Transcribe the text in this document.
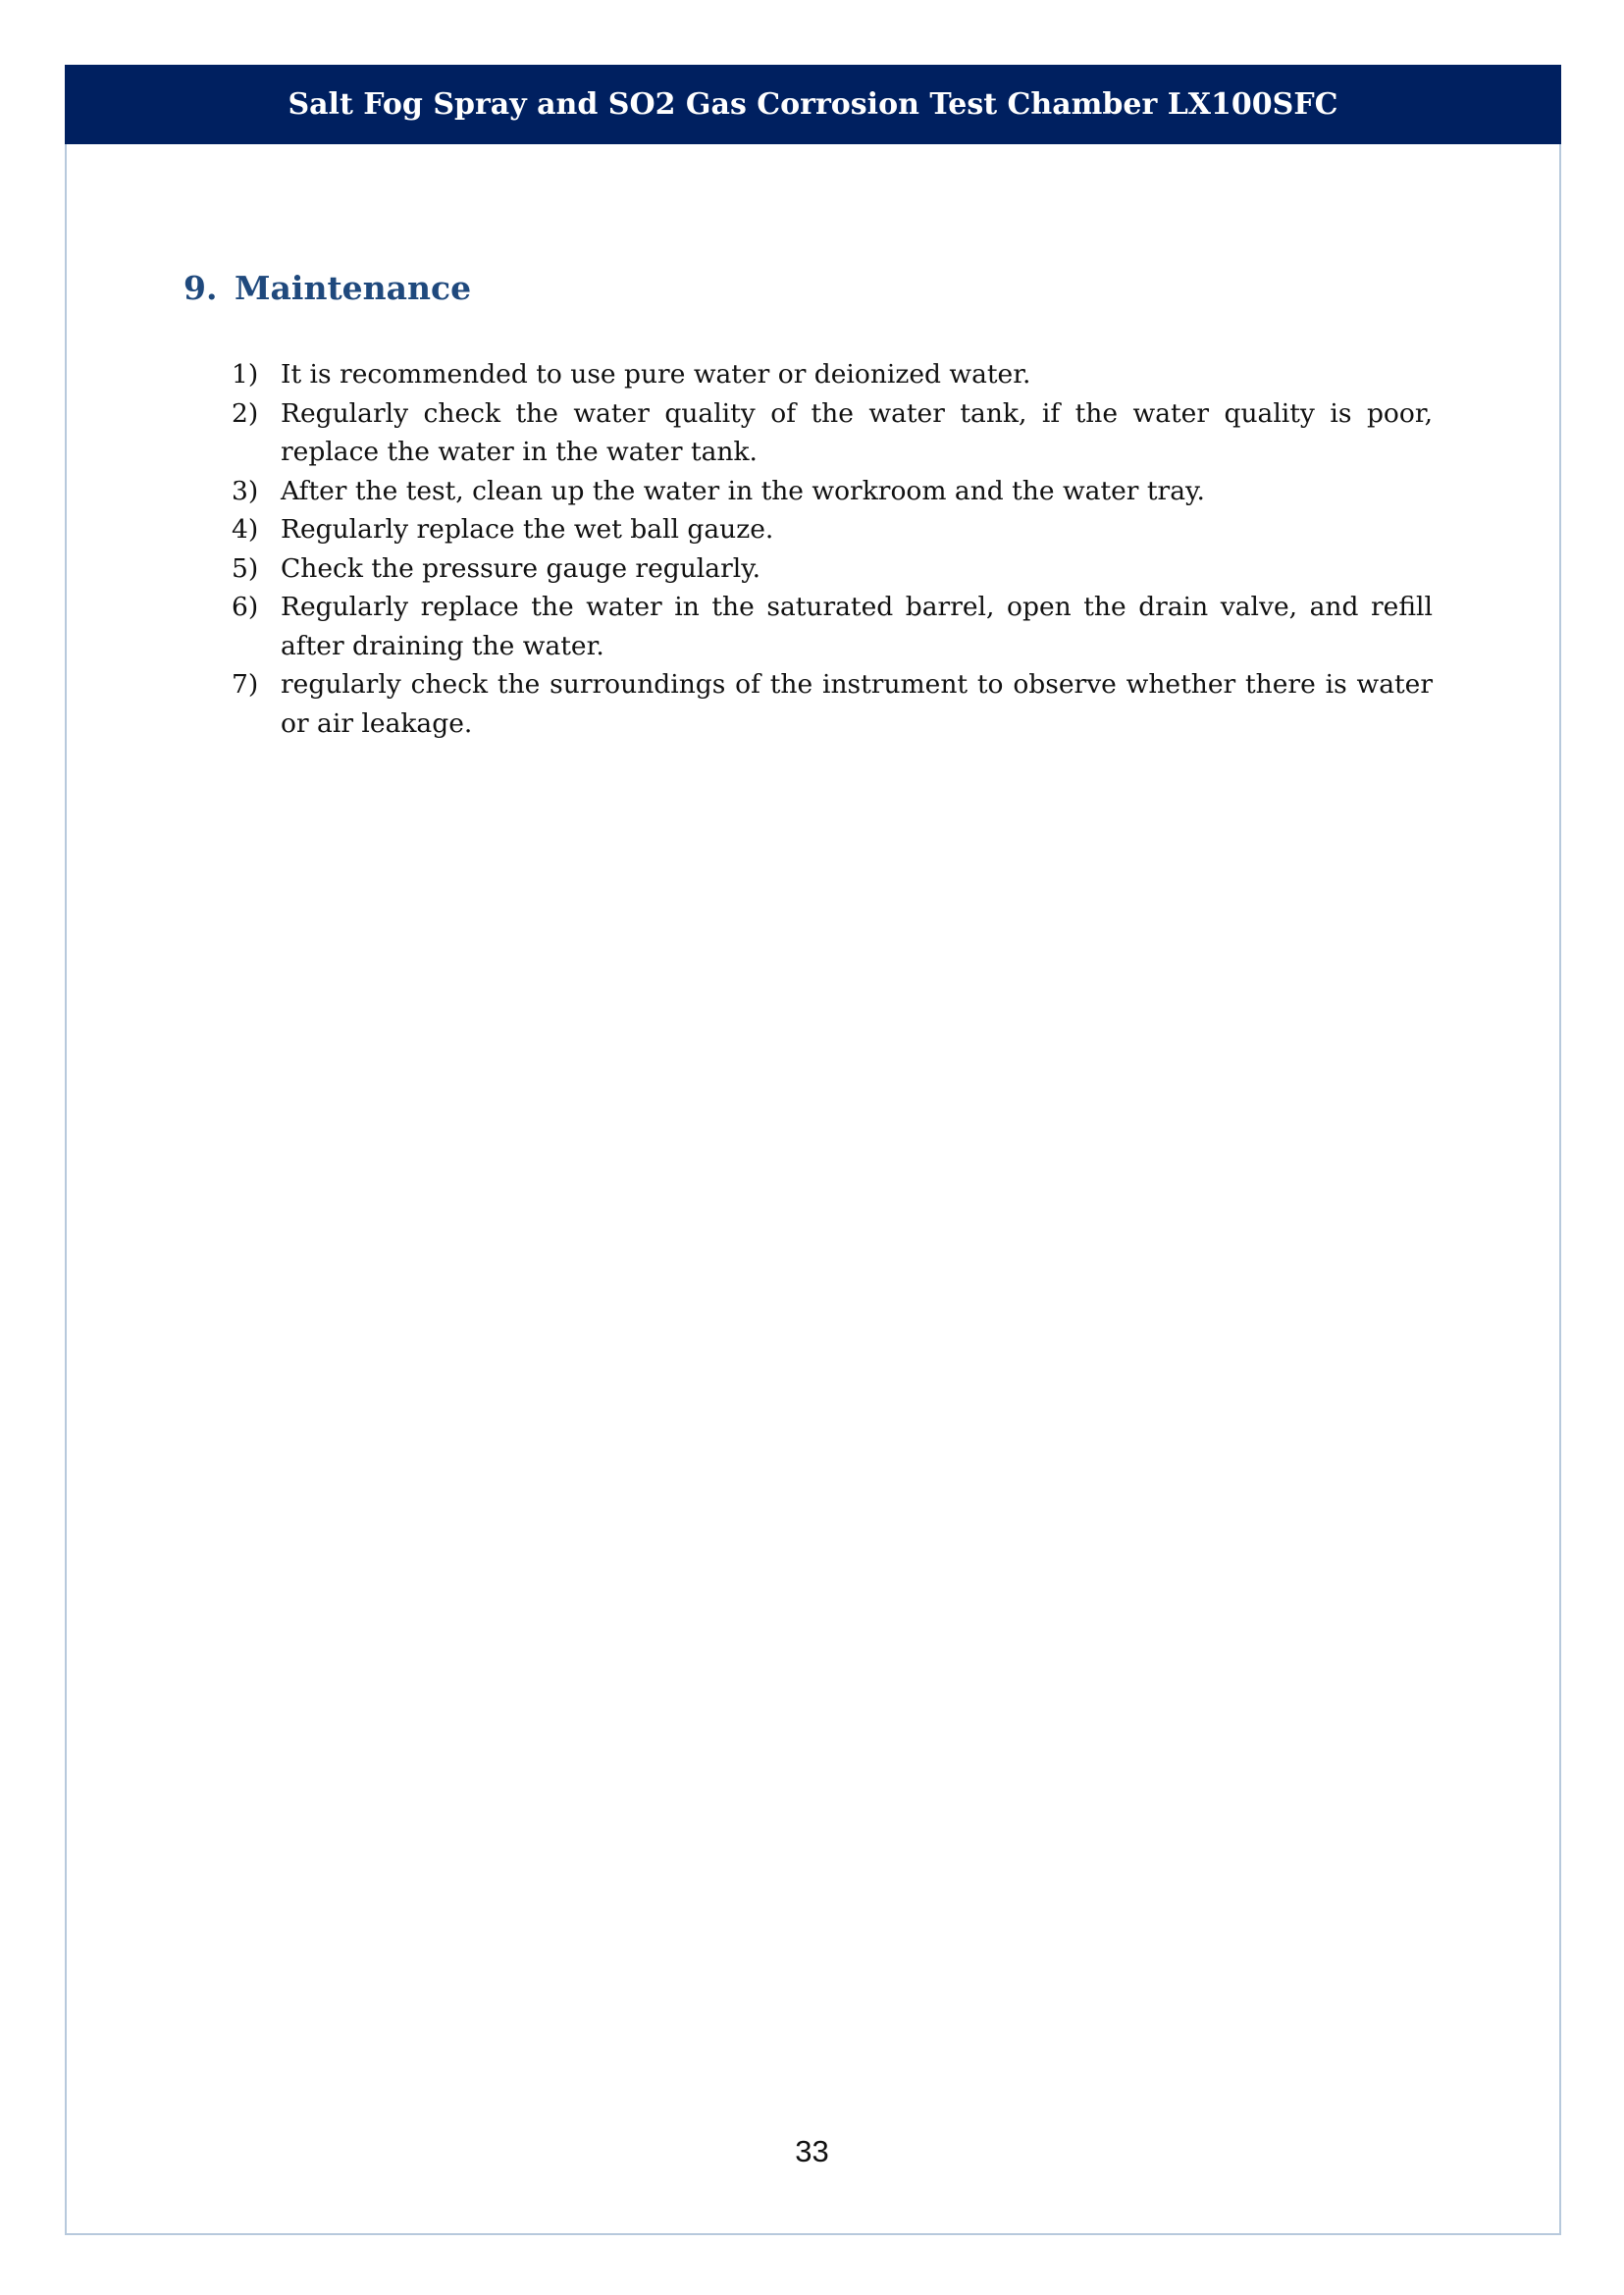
Salt Fog Spray and SO2 Gas Corrosion Test Chamber LX100SFC
9. Maintenance
1) It is recommended to use pure water or deionized water.
2) Regularly check the water quality of the water tank, if the water quality is poor, replace the water in the water tank.
3) After the test, clean up the water in the workroom and the water tray.
4) Regularly replace the wet ball gauze.
5) Check the pressure gauge regularly.
6) Regularly replace the water in the saturated barrel, open the drain valve, and refill after draining the water.
7) regularly check the surroundings of the instrument to observe whether there is water or air leakage.
33
